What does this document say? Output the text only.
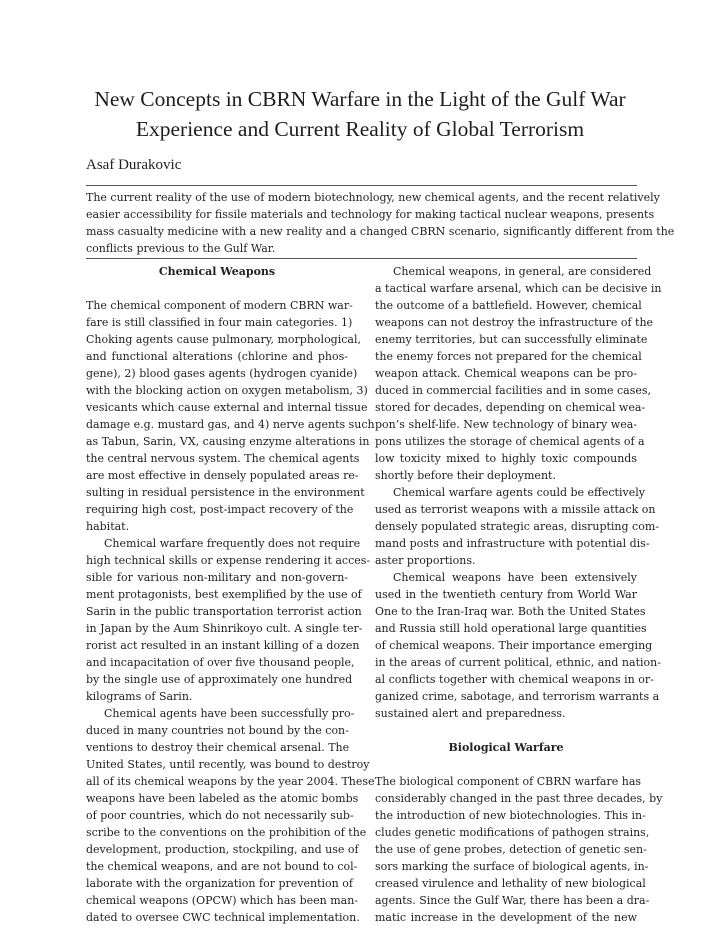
New Concepts in CBRN Warfare in the Light of the Gulf War
Experience and Current Reality of Global Terrorism
Asaf Durakovic
The current reality of the use of modern biotechnology, new chemical agents, and the recent relatively
easier accessibility for fissile materials and technology for making tactical nuclear weapons, presents
mass casualty medicine with a new reality and a changed CBRN scenario, significantly different from the
conflicts previous to the Gulf War.
Chemical Weapons
The chemical component of modern CBRN war-
fare is still classified in four main categories. 1)
Choking agents cause pulmonary, morphological,
and functional alterations (chlorine and phos-
gene), 2) blood gases agents (hydrogen cyanide)
with the blocking action on oxygen metabolism, 3)
vesicants which cause external and internal tissue
damage e.g. mustard gas, and 4) nerve agents such
as Tabun, Sarin, VX, causing enzyme alterations in
the central nervous system. The chemical agents
are most effective in densely populated areas re-
sulting in residual persistence in the environment
requiring high cost, post-impact recovery of the
habitat.
Chemical warfare frequently does not require
high technical skills or expense rendering it acces-
sible for various non-military and non-govern-
ment protagonists, best exemplified by the use of
Sarin in the public transportation terrorist action
in Japan by the Aum Shinrikoyo cult. A single ter-
rorist act resulted in an instant killing of a dozen
and incapacitation of over five thousand people,
by the single use of approximately one hundred
kilograms of Sarin.
Chemical agents have been successfully pro-
duced in many countries not bound by the con-
ventions to destroy their chemical arsenal. The
United States, until recently, was bound to destroy
all of its chemical weapons by the year 2004. These
weapons have been labeled as the atomic bombs
of poor countries, which do not necessarily sub-
scribe to the conventions on the prohibition of the
development, production, stockpiling, and use of
the chemical weapons, and are not bound to col-
laborate with the organization for prevention of
chemical weapons (OPCW) which has been man-
dated to oversee CWC technical implementation.
Chemical weapons, in general, are considered
a tactical warfare arsenal, which can be decisive in
the outcome of a battlefield. However, chemical
weapons can not destroy the infrastructure of the
enemy territories, but can successfully eliminate
the enemy forces not prepared for the chemical
weapon attack. Chemical weapons can be pro-
duced in commercial facilities and in some cases,
stored for decades, depending on chemical wea-
pon’s shelf-life. New technology of binary wea-
pons utilizes the storage of chemical agents of a
low toxicity mixed to highly toxic compounds
shortly before their deployment.
Chemical warfare agents could be effectively
used as terrorist weapons with a missile attack on
densely populated strategic areas, disrupting com-
mand posts and infrastructure with potential dis-
aster proportions.
Chemical weapons have been extensively
used in the twentieth century from World War
One to the Iran-Iraq war. Both the United States
and Russia still hold operational large quantities
of chemical weapons. Their importance emerging
in the areas of current political, ethnic, and nation-
al conflicts together with chemical weapons in or-
ganized crime, sabotage, and terrorism warrants a
sustained alert and preparedness.
Biological Warfare
The biological component of CBRN warfare has
considerably changed in the past three decades, by
the introduction of new biotechnologies. This in-
cludes genetic modifications of pathogen strains,
the use of gene probes, detection of genetic sen-
sors marking the surface of biological agents, in-
creased virulence and lethality of new biological
agents. Since the Gulf War, there has been a dra-
matic increase in the development of the new
